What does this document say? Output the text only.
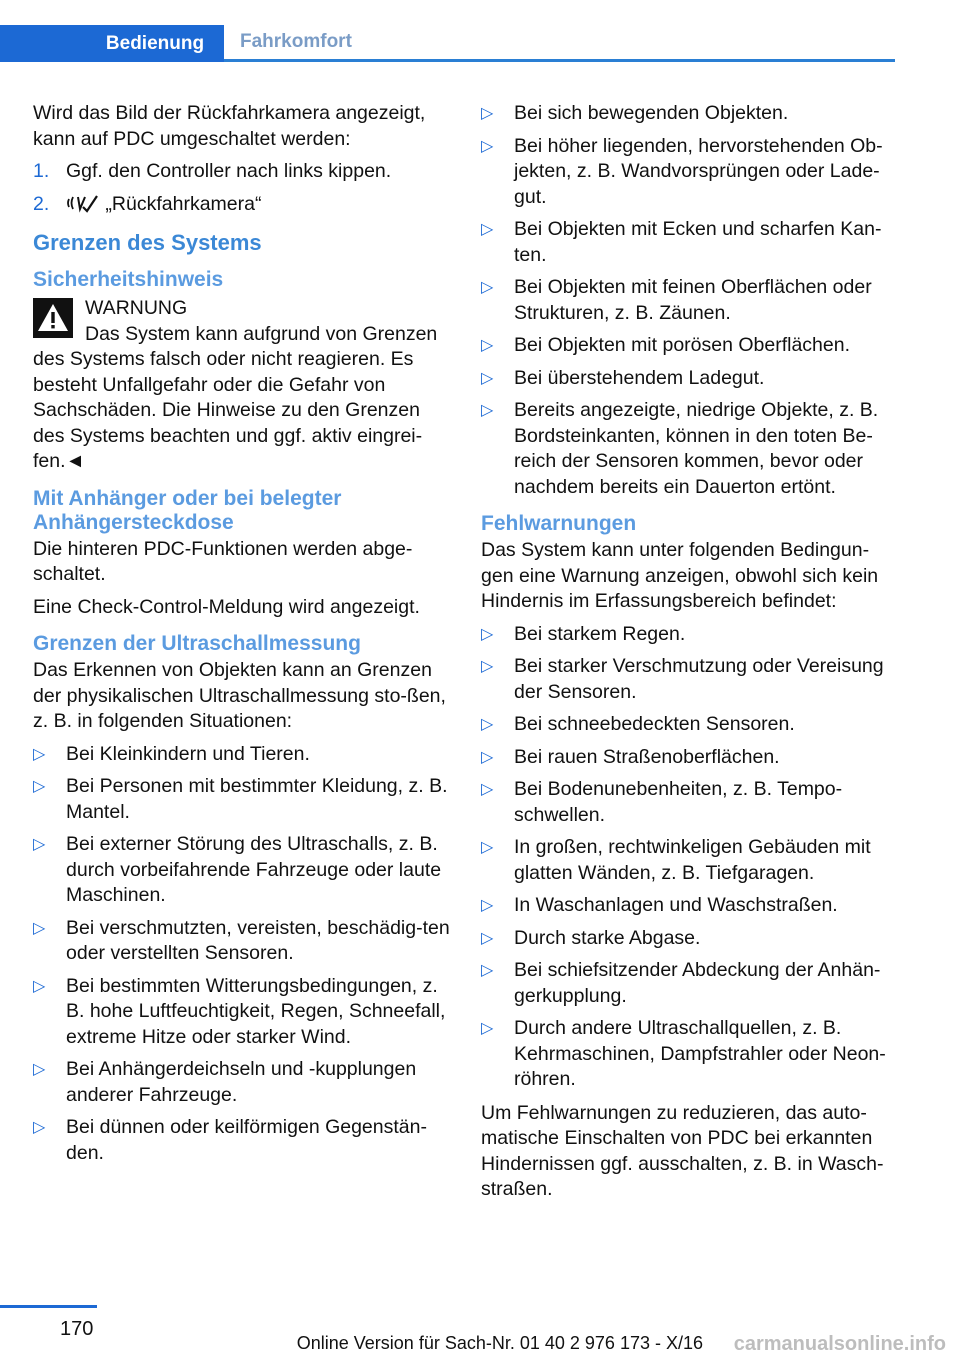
Bedienung Fahrkomfort

Wird das Bild der Rückfahrkamera angezeigt, kann auf PDC umgeschaltet werden:

1. Ggf. den Controller nach links kippen.
2.	„Rückfahrkamera“
Grenzen des Systems
Sicherheitshinweis
WARNUNG
Das System kann aufgrund von Grenzen des Systems falsch oder nicht reagieren. Es besteht Unfallgefahr oder die Gefahr von Sachschäden. Die Hinweise zu den Grenzen des Systems beachten und ggf. aktiv eingrei-fen.◄
Mit Anhänger oder bei belegter Anhängersteckdose

Die hinteren PDC-Funktionen werden abge-schaltet.

Eine Check-Control-Meldung wird angezeigt.

Grenzen der Ultraschallmessung

Das Erkennen von Objekten kann an Grenzen der physikalischen Ultraschallmessung sto-ßen, z. B. in folgenden Situationen:

▷ Bei Kleinkindern und Tieren.
▷ Bei Personen mit bestimmter Kleidung, z. B. Mantel.
▷ Bei externer Störung des Ultraschalls, z. B. durch vorbeifahrende Fahrzeuge oder laute Maschinen.
▷ Bei verschmutzten, vereisten, beschädig-ten oder verstellten Sensoren.
▷ Bei bestimmten Witterungsbedingungen, z. B. hohe Luftfeuchtigkeit, Regen, Schneefall, extreme Hitze oder starker Wind.
▷ Bei Anhängerdeichseln und -kupplungen anderer Fahrzeuge.
▷ Bei dünnen oder keilförmigen Gegenstän-den.
▷ Bei sich bewegenden Objekten.
▷ Bei höher liegenden, hervorstehenden Ob-jekten, z. B. Wandvorsprüngen oder Lade-gut.
▷ Bei Objekten mit Ecken und scharfen Kan-ten.
▷ Bei Objekten mit feinen Oberflächen oder Strukturen, z. B. Zäunen.
▷ Bei Objekten mit porösen Oberflächen.
▷ Bei überstehendem Ladegut.
▷ Bereits angezeigte, niedrige Objekte, z. B. Bordsteinkanten, können in den toten Be-reich der Sensoren kommen, bevor oder nachdem bereits ein Dauerton ertönt.
Fehlwarnungen

Das System kann unter folgenden Bedingun-gen eine Warnung anzeigen, obwohl sich kein Hindernis im Erfassungsbereich befindet:

▷ Bei starkem Regen.
▷ Bei starker Verschmutzung oder Vereisung der Sensoren.
▷ Bei schneebedeckten Sensoren.
▷ Bei rauen Straßenoberflächen.
▷ Bei Bodenunebenheiten, z. B. Tempo-schwellen.
▷ In großen, rechtwinkeligen Gebäuden mit glatten Wänden, z. B. Tiefgaragen.
▷ In Waschanlagen und Waschstraßen.
▷ Durch starke Abgase.
▷ Bei schiefsitzender Abdeckung der Anhän-gerkupplung.
▷ Durch andere Ultraschallquellen, z. B. Kehrmaschinen, Dampfstrahler oder Neon-röhren.

Um Fehlwarnungen zu reduzieren, das auto-matische Einschalten von PDC bei erkannten Hindernissen ggf. ausschalten, z. B. in Wasch-straßen.

170
Online Version für Sach-Nr. 01 40 2 976 173 - X/16 carmanualsonline.info
